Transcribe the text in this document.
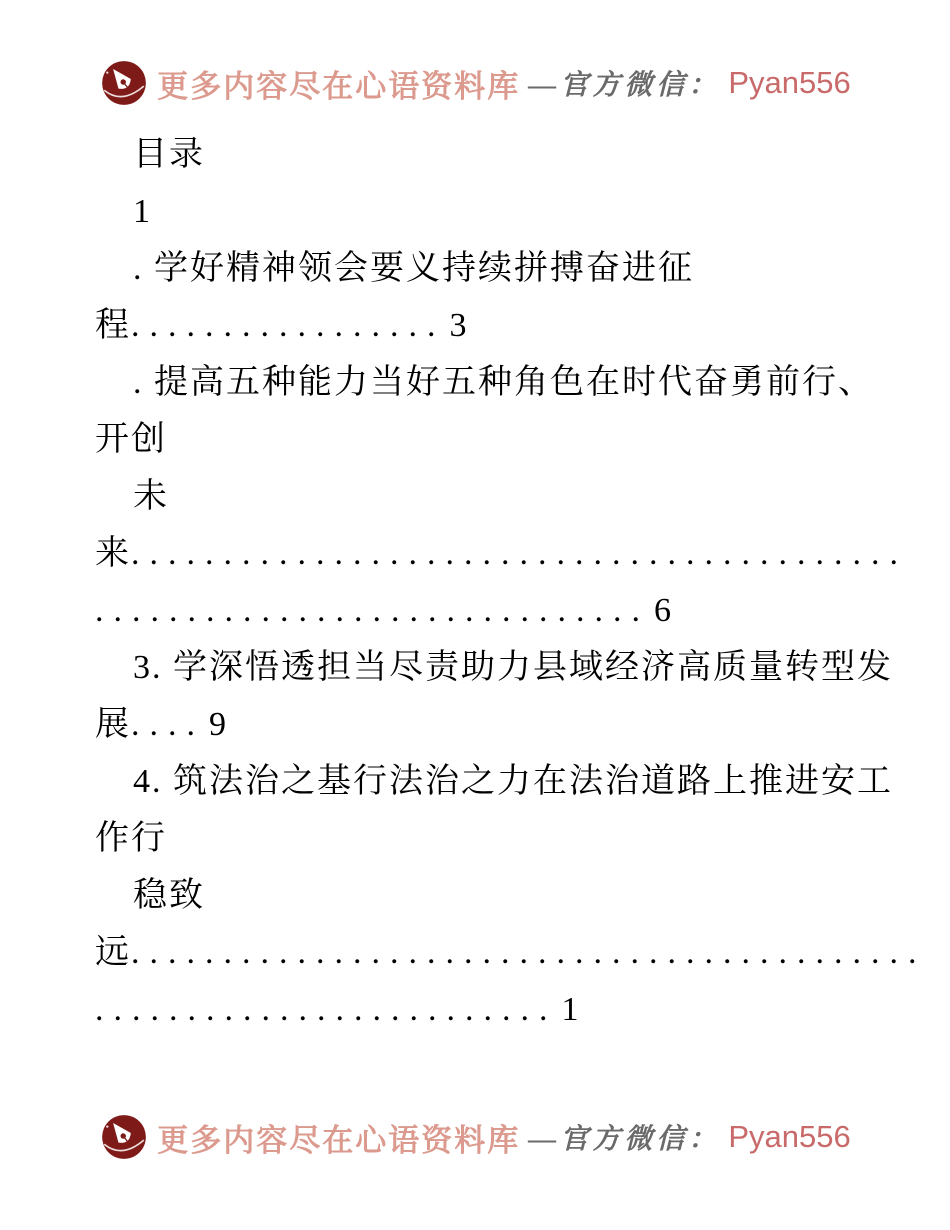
更多内容尽在心语资料库 —官方微信： Pyan556
目录
1
. 学好精神领会要义持续拼搏奋进征
程................. 3
. 提高五种能力当好五种角色在时代奋勇前行、
开创
未
来..........................................
.............................. 6
3. 学深悟透担当尽责助力县域经济高质量转型发
展.... 9
4. 筑法治之基行法治之力在法治道路上推进安工
作行
稳致
远...........................................
......................... 1
更多内容尽在心语资料库 —官方微信： Pyan556
